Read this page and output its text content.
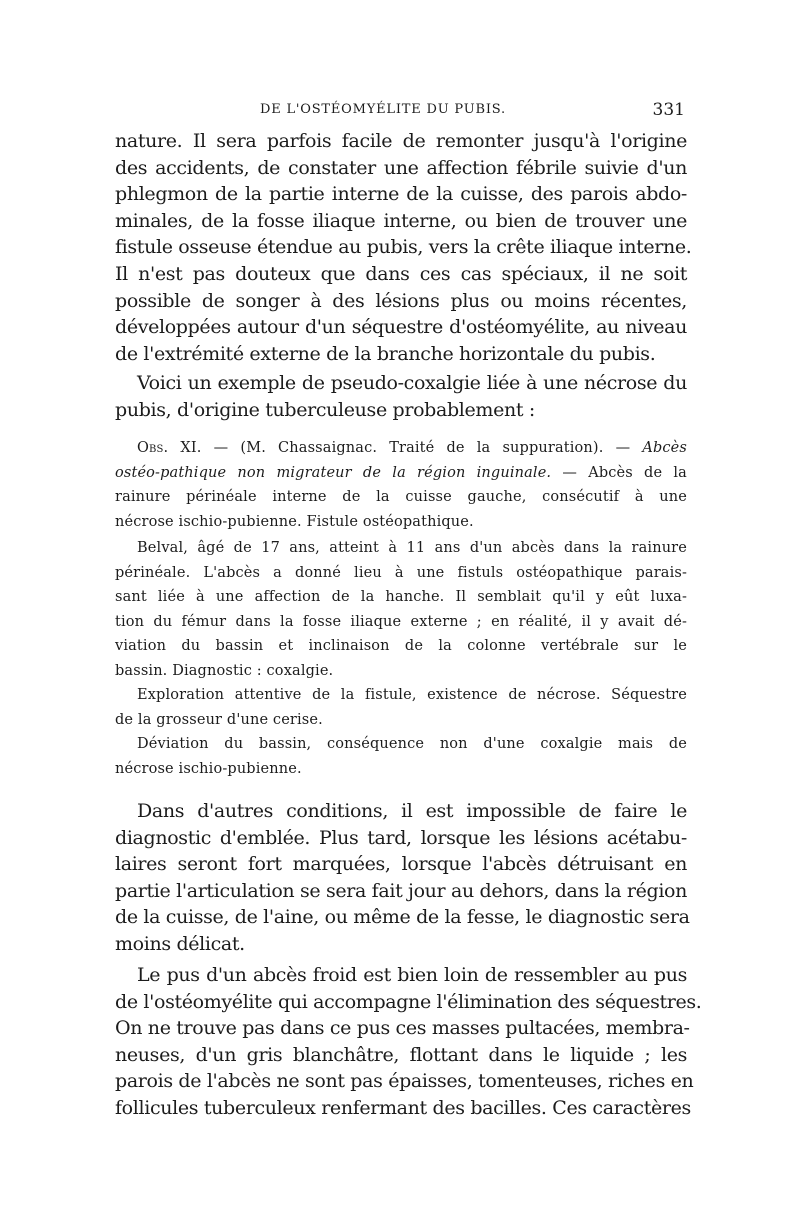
DE L'OSTÉOMYÉLITE DU PUBIS.	331
nature. Il sera parfois facile de remonter jusqu'à l'origine
des accidents, de constater une affection fébrile suivie d'un
phlegmon de la partie interne de la cuisse, des parois abdo-
minales, de la fosse iliaque interne, ou bien de trouver une
fistule osseuse étendue au pubis, vers la crête iliaque interne.
Il n'est pas douteux que dans ces cas spéciaux, il ne soit
possible de songer à des lésions plus ou moins récentes,
développées autour d'un séquestre d'ostéomyélite, au niveau
de l'extrémité externe de la branche horizontale du pubis.
Voici un exemple de pseudo-coxalgie liée à une nécrose du
pubis, d'origine tuberculeuse probablement :
Obs. XI. — (M. Chassaignac. Traité de la suppuration). — Abcès
ostéo-pathique non migrateur de la région inguinale. — Abcès de la
rainure périnéale interne de la cuisse gauche, consécutif à une
nécrose ischio-pubienne. Fistule ostéopathique.
Belval, âgé de 17 ans, atteint à 11 ans d'un abcès dans la rainure
périnéale. L'abcès a donné lieu à une fistuls ostéopathique parais-
sant liée à une affection de la hanche. Il semblait qu'il y eût luxa-
tion du fémur dans la fosse iliaque externe ; en réalité, il y avait dé-
viation du bassin et inclinaison de la colonne vertébrale sur le
bassin. Diagnostic : coxalgie.
Exploration attentive de la fistule, existence de nécrose. Séquestre
de la grosseur d'une cerise.
Déviation du bassin, conséquence non d'une coxalgie mais de
nécrose ischio-pubienne.
Dans d'autres conditions, il est impossible de faire le
diagnostic d'emblée. Plus tard, lorsque les lésions acétabu-
laires seront fort marquées, lorsque l'abcès détruisant en
partie l'articulation se sera fait jour au dehors, dans la région
de la cuisse, de l'aine, ou même de la fesse, le diagnostic sera
moins délicat.
Le pus d'un abcès froid est bien loin de ressembler au pus
de l'ostéomyélite qui accompagne l'élimination des séquestres.
On ne trouve pas dans ce pus ces masses pultacées, membra-
neuses, d'un gris blanchâtre, flottant dans le liquide ; les
parois de l'abcès ne sont pas épaisses, tomenteuses, riches en
follicules tuberculeux renfermant des bacilles. Ces caractères
